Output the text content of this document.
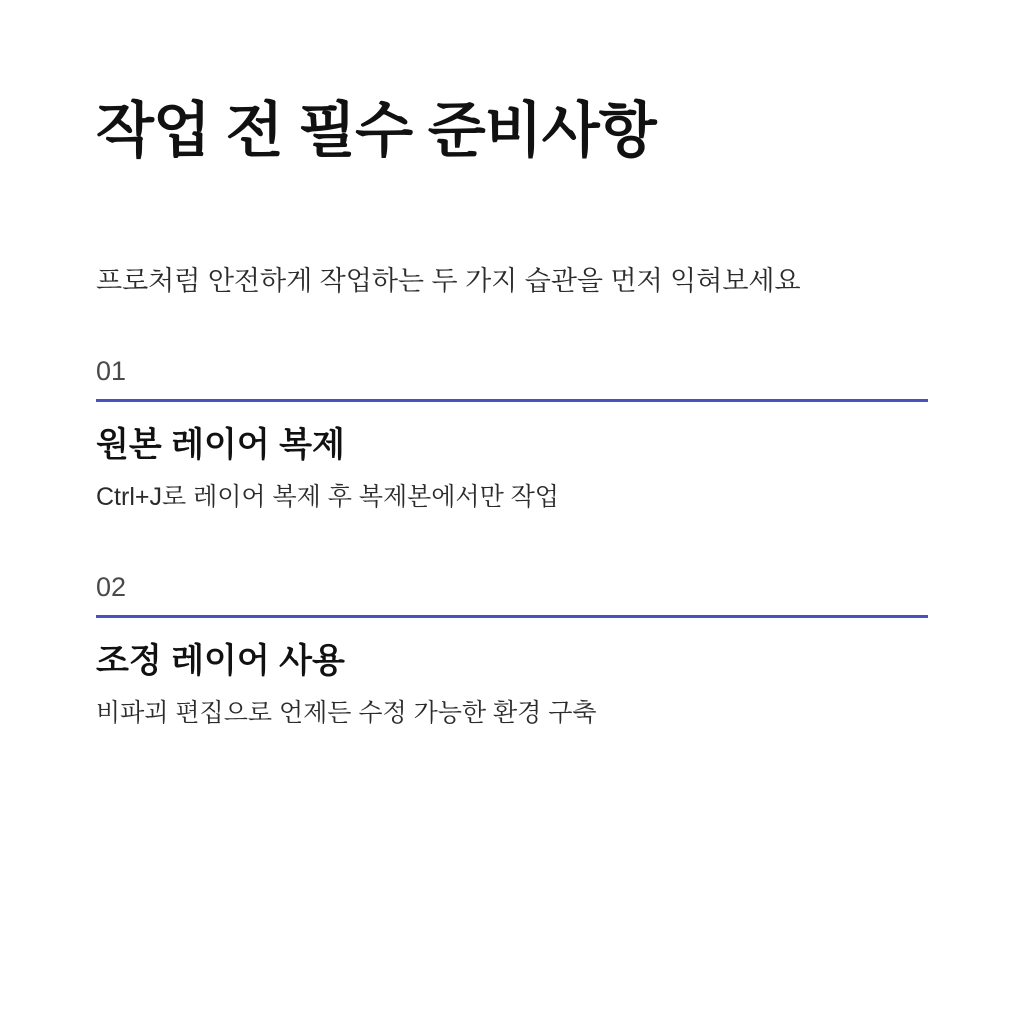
작업 전 필수 준비사항

프로처럼 안전하게 작업하는 두 가지 습관을 먼저 익혀보세요

01
원본 레이어 복제

Ctrl+J로 레이어 복제 후 복제본에서만 작업

02
조정 레이어 사용

비파괴 편집으로 언제든 수정 가능한 환경 구축
